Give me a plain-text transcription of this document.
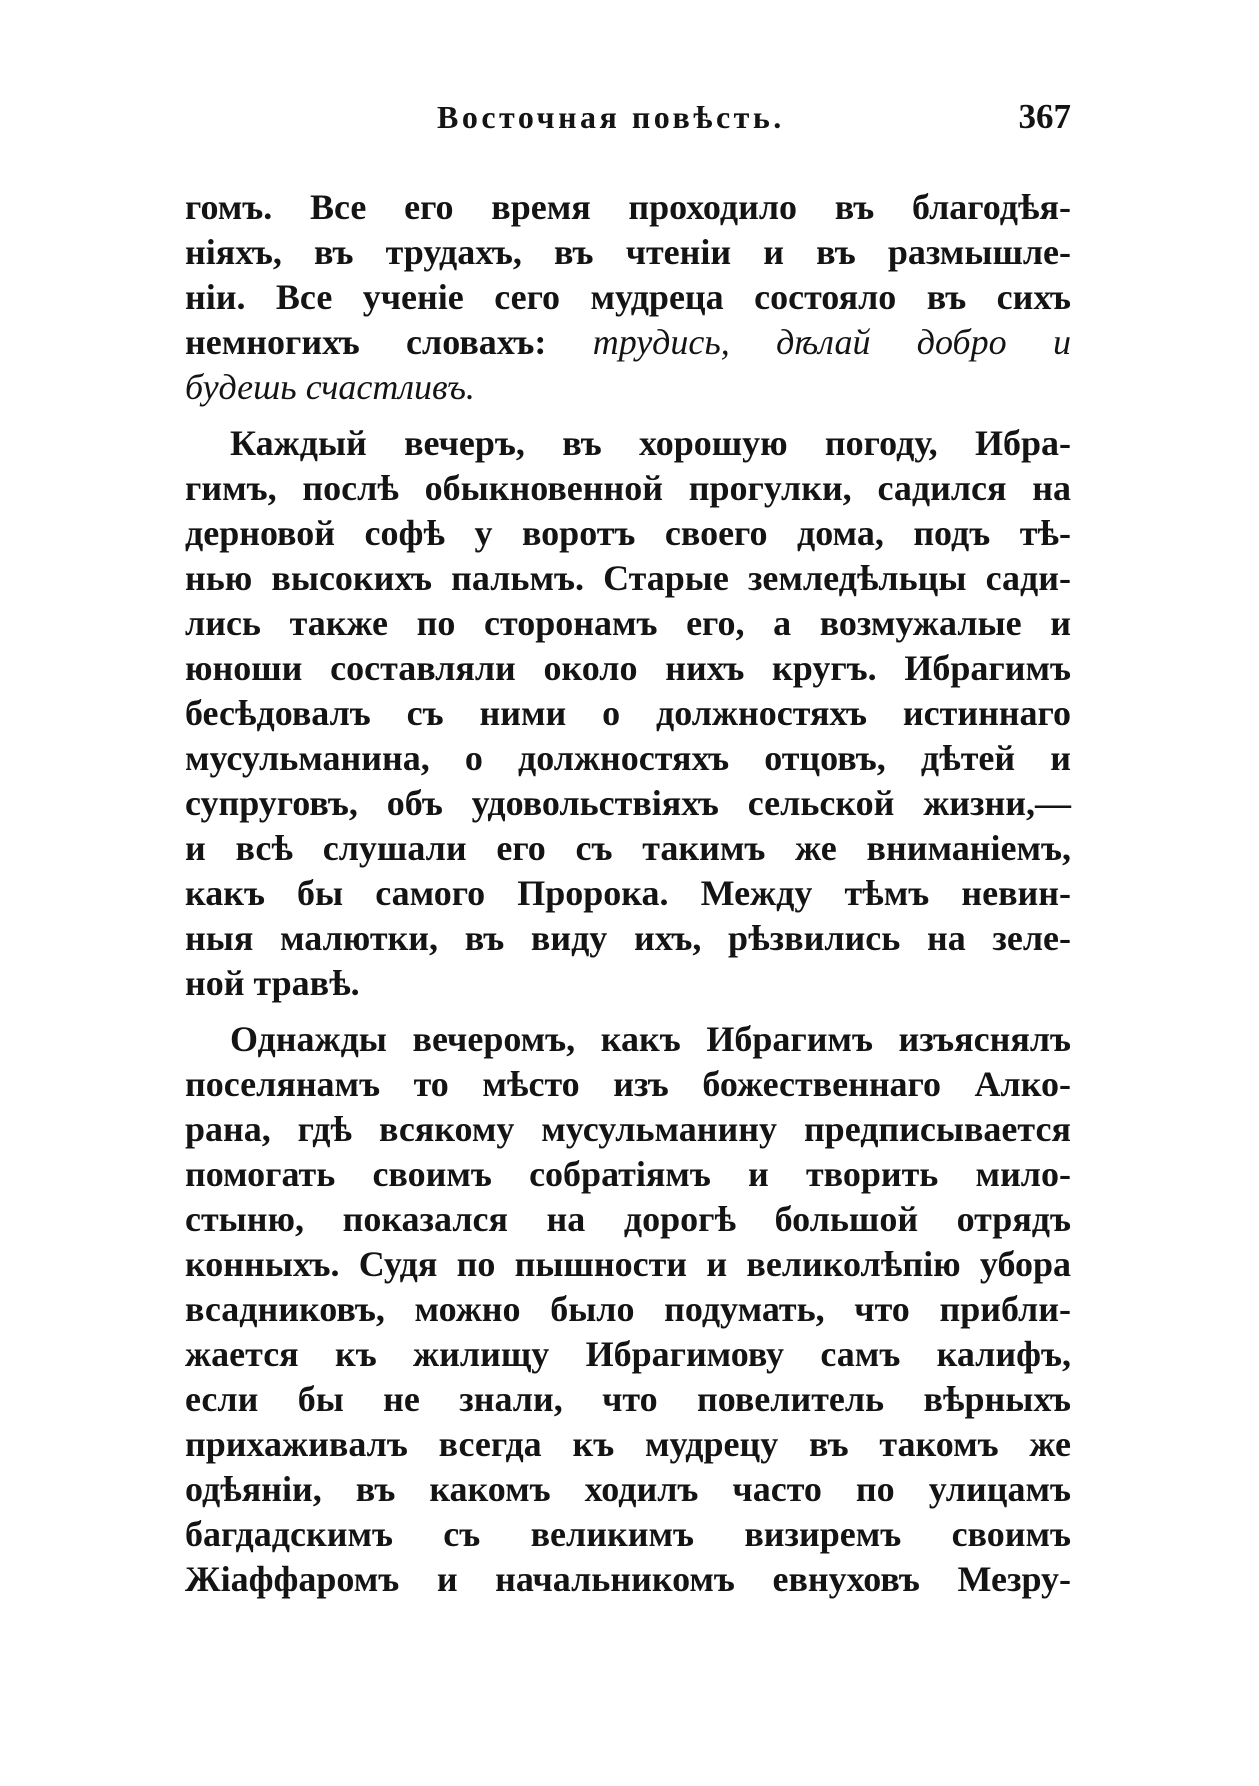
Восточная повѣсть.	367
гомъ. Все его время проходило въ благодѣя-
ніяхъ, въ трудахъ, въ чтеніи и въ размышле-
ніи. Все ученіе сего мудреца состояло въ сихъ
немногихъ словахъ: трудись, дѣлай добро и
будешь счастливъ.
Каждый вечеръ, въ хорошую погоду, Ибра-
гимъ, послѣ обыкновенной прогулки, садился на
дерновой софѣ у воротъ своего дома, подъ тѣ-
нью высокихъ пальмъ. Старые земледѣльцы сади-
лись также по сторонамъ его, а возмужалые и
юноши составляли около нихъ кругъ. Ибрагимъ
бесѣдовалъ съ ними о должностяхъ истиннаго
мусульманина, о должностяхъ отцовъ, дѣтей и
супруговъ, объ удовольствіяхъ сельской жизни,—
и всѣ слушали его съ такимъ же вниманіемъ,
какъ бы самого Пророка. Между тѣмъ невин-
ныя малютки, въ виду ихъ, рѣзвились на зеле-
ной травѣ.
Однажды вечеромъ, какъ Ибрагимъ изъяснялъ
поселянамъ то мѣсто изъ божественнаго Алко-
рана, гдѣ всякому мусульманину предписывается
помогать своимъ собратіямъ и творить мило-
стыню, показался на дорогѣ большой отрядъ
конныхъ. Судя по пышности и великолѣпію убора
всадниковъ, можно было подумать, что прибли-
жается къ жилищу Ибрагимову самъ калифъ,
если бы не знали, что повелитель вѣрныхъ
прихаживалъ всегда къ мудрецу въ такомъ же
одѣяніи, въ какомъ ходилъ часто по улицамъ
багдадскимъ съ великимъ визиремъ своимъ
Жіаффаромъ и начальникомъ евнуховъ Мезру-
